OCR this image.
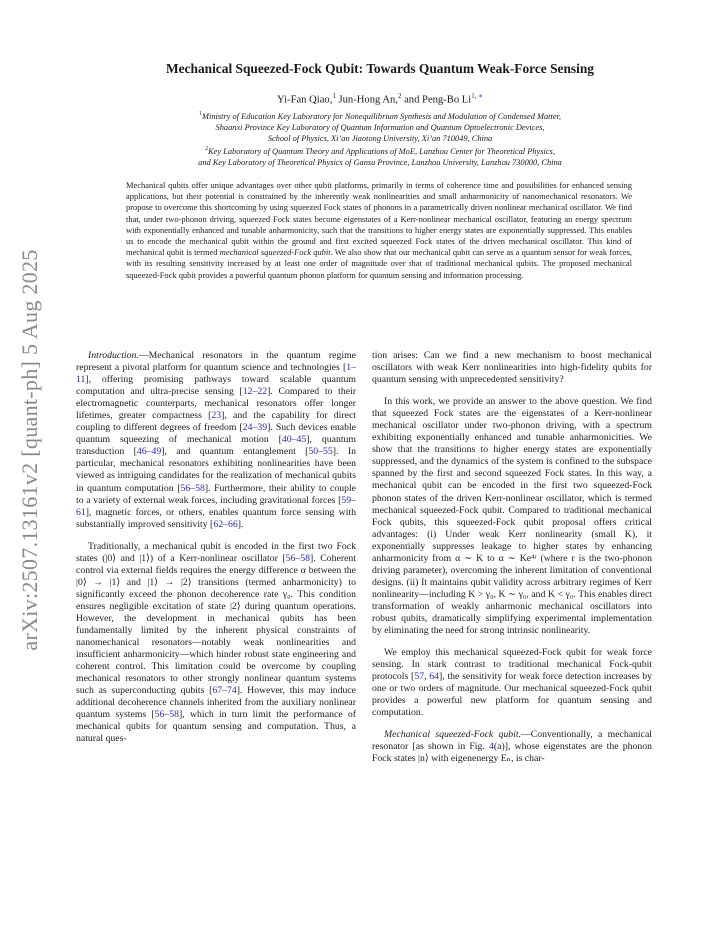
arXiv:2507.13161v2 [quant-ph] 5 Aug 2025
Mechanical Squeezed-Fock Qubit: Towards Quantum Weak-Force Sensing
Yi-Fan Qiao,$^1$ Jun-Hong An,$^2$ and Peng-Bo $Li^{1, ∗}$
$^1$Ministry of Education Key Laboratory for Nonequilibrium Synthesis and Modulation of Condensed Matter,
Shaanxi Province Key Laboratory of Quantum Information and Quantum Optoelectronic Devices,
School of Physics, Xi’an Jiaotong University, Xi’an 710049, China
$^2$Key Laboratory of Quantum Theory and Applications of MoE, Lanzhou Center for Theoretical Physics,
and Key Laboratory of Theoretical Physics of Gansu Province, Lanzhou University, Lanzhou 730000, China
Mechanical qubits offer unique advantages over other qubit platforms, primarily in terms of coherence time and possibilities for enhanced sensing applications, but their potential is constrained by the inherently weak nonlinearities and small anharmonicity of nanomechanical resonators. We propose to overcome this shortcoming by using squeezed Fock states of phonons in a parametrically driven nonlinear mechanical oscillator. We find that, under two-phonon driving, squeezed Fock states become eigenstates of a Kerr-nonlinear mechanical oscillator, featuring an energy spectrum with exponentially enhanced and tunable anharmonicity, such that the transitions to higher energy states are exponentially suppressed. This enables us to encode the mechanical qubit within the ground and first excited squeezed Fock states of the driven mechanical oscillator. This kind of mechanical qubit is termed mechanical squeezed-Fock qubit. We also show that our mechanical qubit can serve as a quantum sensor for weak forces, with its resulting sensitivity increased by at least one order of magnitude over that of traditional mechanical qubits. The proposed mechanical squeezed-Fock qubit provides a powerful quantum phonon platform for quantum sensing and information processing.

Introduction.—Mechanical resonators in the quantum regime represent a pivotal platform for quantum science and technologies [1–11], offering promising pathways toward scalable quantum computation and ultra-precise sensing [12–22]. Compared to their electromagnetic counterparts, mechanical resonators offer longer lifetimes, greater compactness [23], and the capability for direct coupling to different degrees of freedom [24–39]. Such devices enable quantum squeezing of mechanical motion [40–45], quantum transduction [46–49], and quantum entanglement [50–55]. In particular, mechanical resonators exhibiting nonlinearities have been viewed as intriguing candidates for the realization of mechanical qubits in quantum computation [56–58]. Furthermore, their ability to couple to a variety of external weak forces, including gravitational forces [59–61], magnetic forces, or others, enables quantum force sensing with substantially improved sensitivity [62–66].

Traditionally, a mechanical qubit is encoded in the first two Fock states (|0⟩ and |1⟩) of a Kerr-nonlinear oscillator [56–58]. Coherent control via external fields requires the energy difference α between the |0⟩ → |1⟩ and |1⟩ → |2⟩ transitions (termed anharmonicity) to significantly exceed the phonon decoherence rate γ₀. This condition ensures negligible excitation of state |2⟩ during quantum operations. However, the development in mechanical qubits has been fundamentally limited by the inherent physical constraints of nanomechanical resonators—notably weak nonlinearities and insufficient anharmonicity—which hinder robust state engineering and coherent control. This limitation could be overcome by coupling mechanical resonators to other strongly nonlinear quantum systems such as superconducting qubits [67–74]. However, this may induce additional decoherence channels inherited from the auxiliary nonlinear quantum systems [56–58], which in turn limit the performance of mechanical qubits for quantum sensing and computation. Thus, a natural ques-

tion arises: Can we find a new mechanism to boost mechanical oscillators with weak Kerr nonlinearities into high-fidelity qubits for quantum sensing with unprecedented sensitivity?

In this work, we provide an answer to the above question. We find that squeezed Fock states are the eigenstates of a Kerr-nonlinear mechanical oscillator under two-phonon driving, with a spectrum exhibiting exponentially enhanced and tunable anharmonicities. We show that the transitions to higher energy states are exponentially suppressed, and the dynamics of the system is confined to the subspace spanned by the first and second squeezed Fock states. In this way, a mechanical qubit can be encoded in the first two squeezed-Fock phonon states of the driven Kerr-nonlinear oscillator, which is termed mechanical squeezed-Fock qubit. Compared to traditional mechanical Fock qubits, this squeezed-Fock qubit proposal offers critical advantages: (i) Under weak Kerr nonlinearity (small K), it exponentially suppresses leakage to higher states by enhancing anharmonicity from α ∼ K to α ∼ Ke⁴ʳ (where r is the two-phonon driving parameter), overcoming the inherent limitation of conventional designs. (ii) It maintains qubit validity across arbitrary regimes of Kerr nonlinearity—including K > γ₀, K ∼ γ₀, and K < γ₀. This enables direct transformation of weakly anharmonic mechanical oscillators into robust qubits, dramatically simplifying experimental implementation by eliminating the need for strong intrinsic nonlinearity.

We employ this mechanical squeezed-Fock qubit for weak force sensing. In stark contrast to traditional mechanical Fock-qubit protocols [57, 64], the sensitivity for weak force detection increases by one or two orders of magnitude. Our mechanical squeezed-Fock qubit provides a powerful new platform for quantum sensing and computation.

Mechanical squeezed-Fock qubit.—Conventionally, a mechanical resonator [as shown in Fig. 4(a)], whose eigenstates are the phonon Fock states |n⟩ with eigenenergy Eₙ, is char-
